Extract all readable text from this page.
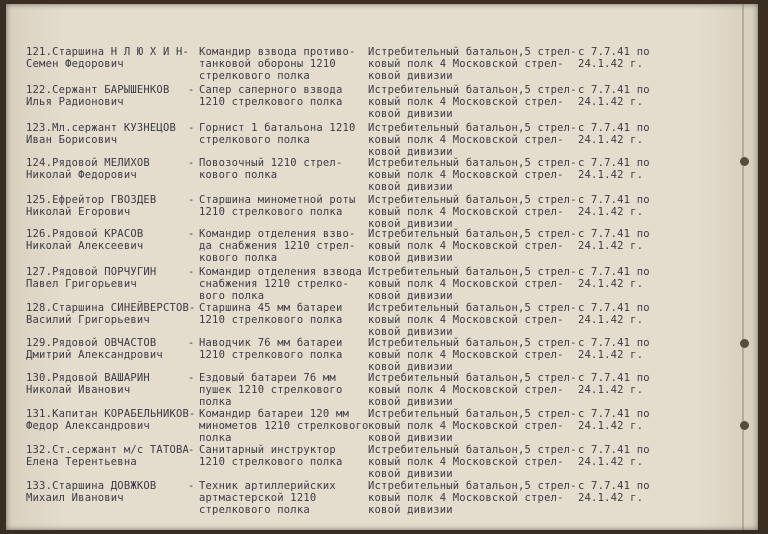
121.Старшина Н Л Ю Х И Н-
Семен Федорович
Командир взвода противо-
танковой обороны 1210
стрелкового полка
Истребительный батальон,5 стрел-
ковый полк 4 Московской стрел-
ковой дивизии
с 7.7.41 по
24.1.42 г.
122.Сержант БАРЫШЕНКОВ
Илья Радионович
- Сапер саперного взвода
1210 стрелкового полка
Истребительный батальон,5 стрел-
ковый полк 4 Московской стрел-
ковой дивизии
с 7.7.41 по
24.1.42 г.
123.Мл.сержант КУЗНЕЦОВ
Иван Борисович
- Горнист 1 батальона 1210
стрелкового полка
Истребительный батальон,5 стрел-
ковый полк 4 Московской стрел-
ковой дивизии
с 7.7.41 по
24.1.42 г.
124.Рядовой МЕЛИХОВ
Николай Федорович
- Повозочный 1210 стрел-
кового полка
Истребительный батальон,5 стрел-
ковый полк 4 Московской стрел-
ковой дивизии
с 7.7.41 по
24.1.42 г.
125.Ефрейтор ГВОЗДЕВ
Николай Егорович
- Старшина минометной роты
1210 стрелкового полка
Истребительный батальон,5 стрел-
ковый полк 4 Московской стрел-
ковой дивизии
с 7.7.41 по
24.1.42 г.
126.Рядовой КРАСОВ
Николай Алексеевич
- Командир отделения взво-
да снабжения 1210 стрел-
кового полка
Истребительный батальон,5 стрел-
ковый полк 4 Московской стрел-
ковой дивизии
с 7.7.41 по
24.1.42 г.
127.Рядовой ПОРЧУГИН
Павел Григорьевич
- Командир отделения взвода
снабжения 1210 стрелко-
вого полка
Истребительный батальон,5 стрел-
ковый полк 4 Московской стрел-
ковой дивизии
с 7.7.41 по
24.1.42 г.
128.Старшина СИНЕЙВЕРСТОВ-
Василий Григорьевич
Старшина 45 мм батареи
1210 стрелкового полка
Истребительный батальон,5 стрел-
ковый полк 4 Московской стрел-
ковой дивизии
с 7.7.41 по
24.1.42 г.
129.Рядовой ОВЧАСТОВ
Дмитрий Александрович
- Наводчик 76 мм батареи
1210 стрелкового полка
Истребительный батальон,5 стрел-
ковый полк 4 Московской стрел-
ковой дивизии
с 7.7.41 по
24.1.42 г.
130.Рядовой ВАШАРИН
Николай Иванович
- Ездовый батареи 76 мм
пушек 1210 стрелкового
полка
Истребительный батальон,5 стрел-
ковый полк 4 Московской стрел-
ковой дивизии
с 7.7.41 по
24.1.42 г.
131.Капитан КОРАБЕЛЬНИКОВ-
Федор Александрович
Командир батареи 120 мм
минометов 1210 стрелкового
полка
Истребительный батальон,5 стрел-
ковый полк 4 Московской стрел-
ковой дивизии
с 7.7.41 по
24.1.42 г.
132.Ст.сержант м/с ТАТОВА
Елена Терентьевна
- Санитарный инструктор
1210 стрелкового полка
Истребительный батальон,5 стрел-
ковый полк 4 Московской стрел-
ковой дивизии
с 7.7.41 по
24.1.42 г.
133.Старшина ДОВЖКОВ
Михаил Иванович
- Техник артиллерийских
артмастерской 1210
стрелкового полка
Истребительный батальон,5 стрел-
ковый полк 4 Московской стрел-
ковой дивизии
с 7.7.41 по
24.1.42 г.
